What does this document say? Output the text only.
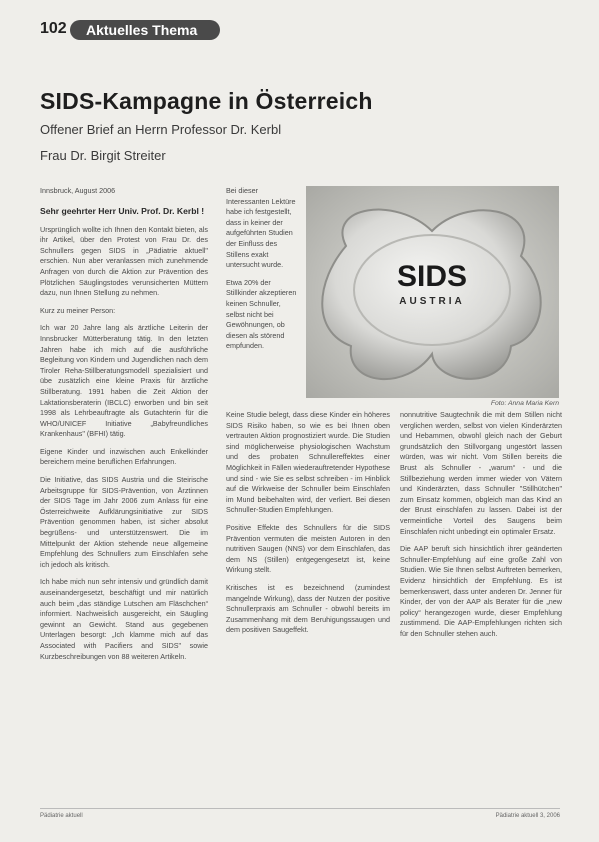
102	Aktuelles Thema
SIDS-Kampagne in Österreich
Offener Brief an Herrn Professor Dr. Kerbl
Frau Dr. Birgit Streiter

Innsbruck, August 2006

Sehr geehrter Herr Univ. Prof. Dr. Kerbl !

Ursprünglich wollte ich Ihnen den Kontakt bieten, als ihr Artikel, über den Protest von Frau Dr. des Schnullers gegen SIDS in „Pädiatrie aktuell" erschien. Nun aber veranlassen mich zunehmende Anfragen von durch die Aktion zur Prävention des Plötzlichen Säuglingstodes verunsicherten Müttern dazu, nun Ihnen Stellung zu nehmen.

Kurz zu meiner Person:

Ich war 20 Jahre lang als ärztliche Leiterin der Innsbrucker Mütterberatung tätig. In den letzten Jahren habe ich mich auf die ausführliche Begleitung von Kindern und Jugendlichen nach dem Tiroler Reha-Stillberatungsmodell spezialisiert und übe zusätzlich eine kleine Praxis für ärztliche Stillberatung. 1991 haben die Zeit Aktion der Laktationsberaterin (IBCLC) erworben und bin seit 1998 als Lehrbeauftragte als Gutachterin für die WHO/UNICEF Initiative „Babyfreundliches Krankenhaus" (BFHI) tätig.

Eigene Kinder und inzwischen auch Enkelkinder bereichern meine beruflichen Erfahrungen.

Die Initiative, das SIDS Austria und die Steirische Arbeitsgruppe für SIDS-Prävention, von Ärztinnen der SIDS Tage im Jahr 2006 zum Anlass für eine Österreichweite Aufklärungsinitiative zur SIDS Prävention genommen haben, ist sicher absolut begrüßens- und unterstützenswert. Die im Mittelpunkt der Aktion stehende neue allgemeine Empfehlung des Schnullers zum Einschlafen sehe ich jedoch als kritisch.

Ich habe mich nun sehr intensiv und gründlich damit auseinandergesetzt, beschäftigt und mir natürlich auch beim „das ständige Lutschen am Fläschchen“ informiert. Nachweislich ausgereicht, ein Säugling gewinnt an Gewicht. Stand aus gegebenen Unterlagen besorgt: „Ich klamme mich auf das Associated with Pacifiers and SIDS" sowie Kurzbeschreibungen von 88 weiteren Artikeln.

Bei dieser Interessanten Lektüre habe ich festgestellt, dass in keiner der aufgeführten Studien der Einfluss des Stillens exakt untersucht wurde.

Etwa 20% der Stillkinder akzeptieren keinen Schnuller, selbst nicht bei Gewöhnungen, ob diesen als störend empfunden.

SIDS
AUSTRIA
Foto: Anna Maria Kern

Keine Studie belegt, dass diese Kinder ein höheres SIDS Risiko haben, so wie es bei Ihnen oben vertrauten Aktion prognostiziert wurde. Die Studien sind möglicherweise physiologischen Wachstum und des probaten Schnullereffektes einer Möglichkeit in Fällen wiederauftretender Hypothese und sind - wie Sie es selbst schreiben - im Hinblick auf die Wirkweise der Schnuller beim Einschlafen im Mund beibehalten wird, der verliert. Bei diesen Schnuller-Studien Empfehlungen.

Positive Effekte des Schnullers für die SIDS Prävention vermuten die meisten Autoren in den nutritiven Saugen (NNS) vor dem Einschlafen, das dem NS (Stillen) entgegengesetzt ist, keine Wirkung stellt.

Kritisches ist es bezeichnend (zumindest mangelnde Wirkung), dass der Nutzen der positive Schnullerpraxis am Schnuller - obwohl bereits im Zusammenhang mit dem Beruhigungssaugen und dem positiven Saugeffekt.

nonnutritive Saugtechnik die mit dem Stillen nicht verglichen werden, selbst von vielen Kinderärzten und Hebammen, obwohl gleich nach der Geburt grundsätzlich den Stillvorgang ungestört lassen würden, was wir nicht. Vom Stillen bereits die Brust als Schnuller - „warum“ - und die Stillbeziehung werden immer wieder von Vätern und Kinderärzten, dass Schnuller "Stillhütchen" zum Einsatz kommen, obgleich man das Kind an der Brust einschlafen zu lassen. Dabei ist der vermeintliche Vorteil des Saugens beim Einschlafen nicht unbedingt ein optimaler Ersatz.

Die AAP beruft sich hinsichtlich ihrer geänderten Schnuller-Empfehlung auf eine große Zahl von Studien. Wie Sie Ihnen selbst Auftreten bemerken, Evidenz hinsichtlich der Empfehlung. Es ist bemerkenswert, dass unter anderen Dr. Jenner für Kinder, der von der AAP als Berater für die „new policy“ herangezogen wurde, dieser Empfehlung zustimmend. Die AAP-Empfehlungen richten sich für den Schnuller stehen auch.

Pädiatrie aktuell	Pädiatrie aktuell 3, 2006
